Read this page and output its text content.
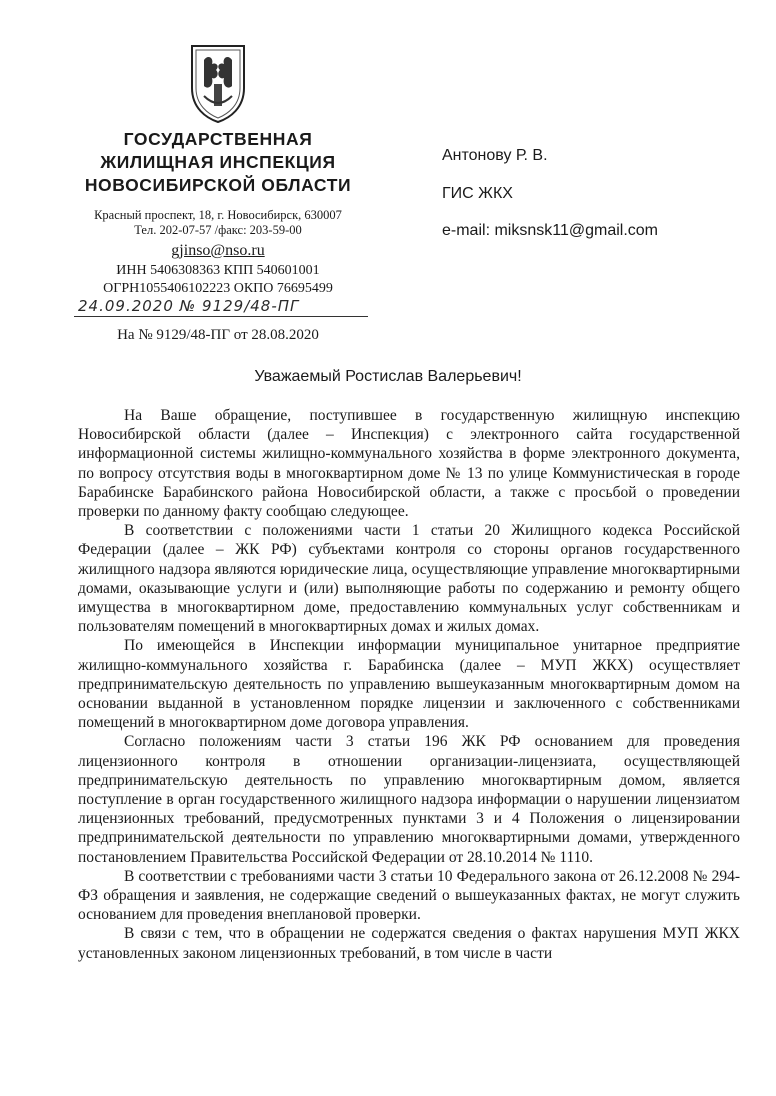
ГОСУДАРСТВЕННАЯ
ЖИЛИЩНАЯ ИНСПЕКЦИЯ
НОВОСИБИРСКОЙ ОБЛАСТИ
Красный проспект, 18, г. Новосибирск, 630007
Тел. 202-07-57 /факс: 203-59-00
gjinso@nso.ru
ИНН 5406308363 КПП 540601001
ОГРН1055406102223 ОКПО 76695499
24.09.2020 № 9129/48-ПГ
На № 9129/48-ПГ от 28.08.2020
Антонову Р. В.
ГИС ЖКХ
e-mail: miksnsk11@gmail.com
Уважаемый Ростислав Валерьевич!

На Ваше обращение, поступившее в государственную жилищную инспекцию Новосибирской области (далее – Инспекция) с электронного сайта государственной информационной системы жилищно-коммунального хозяйства в форме электронного документа, по вопросу отсутствия воды в многоквартирном доме № 13 по улице Коммунистическая в городе Барабинске Барабинского района Новосибирской области, а также с просьбой о проведении проверки по данному факту сообщаю следующее.

В соответствии с положениями части 1 статьи 20 Жилищного кодекса Российской Федерации (далее – ЖК РФ) субъектами контроля со стороны органов государственного жилищного надзора являются юридические лица, осуществляющие управление многоквартирными домами, оказывающие услуги и (или) выполняющие работы по содержанию и ремонту общего имущества в многоквартирном доме, предоставлению коммунальных услуг собственникам и пользователям помещений в многоквартирных домах и жилых домах.

По имеющейся в Инспекции информации муниципальное унитарное предприятие жилищно-коммунального хозяйства г. Барабинска (далее – МУП ЖКХ) осуществляет предпринимательскую деятельность по управлению вышеуказанным многоквартирным домом на основании выданной в установленном порядке лицензии и заключенного с собственниками помещений в многоквартирном доме договора управления.

Согласно положениям части 3 статьи 196 ЖК РФ основанием для проведения лицензионного контроля в отношении организации-лицензиата, осуществляющей предпринимательскую деятельность по управлению многоквартирным домом, является поступление в орган государственного жилищного надзора информации о нарушении лицензиатом лицензионных требований, предусмотренных пунктами 3 и 4 Положения о лицензировании предпринимательской деятельности по управлению многоквартирными домами, утвержденного постановлением Правительства Российской Федерации от 28.10.2014 № 1110.

В соответствии с требованиями части 3 статьи 10 Федерального закона от 26.12.2008 № 294-ФЗ обращения и заявления, не содержащие сведений о вышеуказанных фактах, не могут служить основанием для проведения внеплановой проверки.

В связи с тем, что в обращении не содержатся сведения о фактах нарушения МУП ЖКХ установленных законом лицензионных требований, в том числе в части
